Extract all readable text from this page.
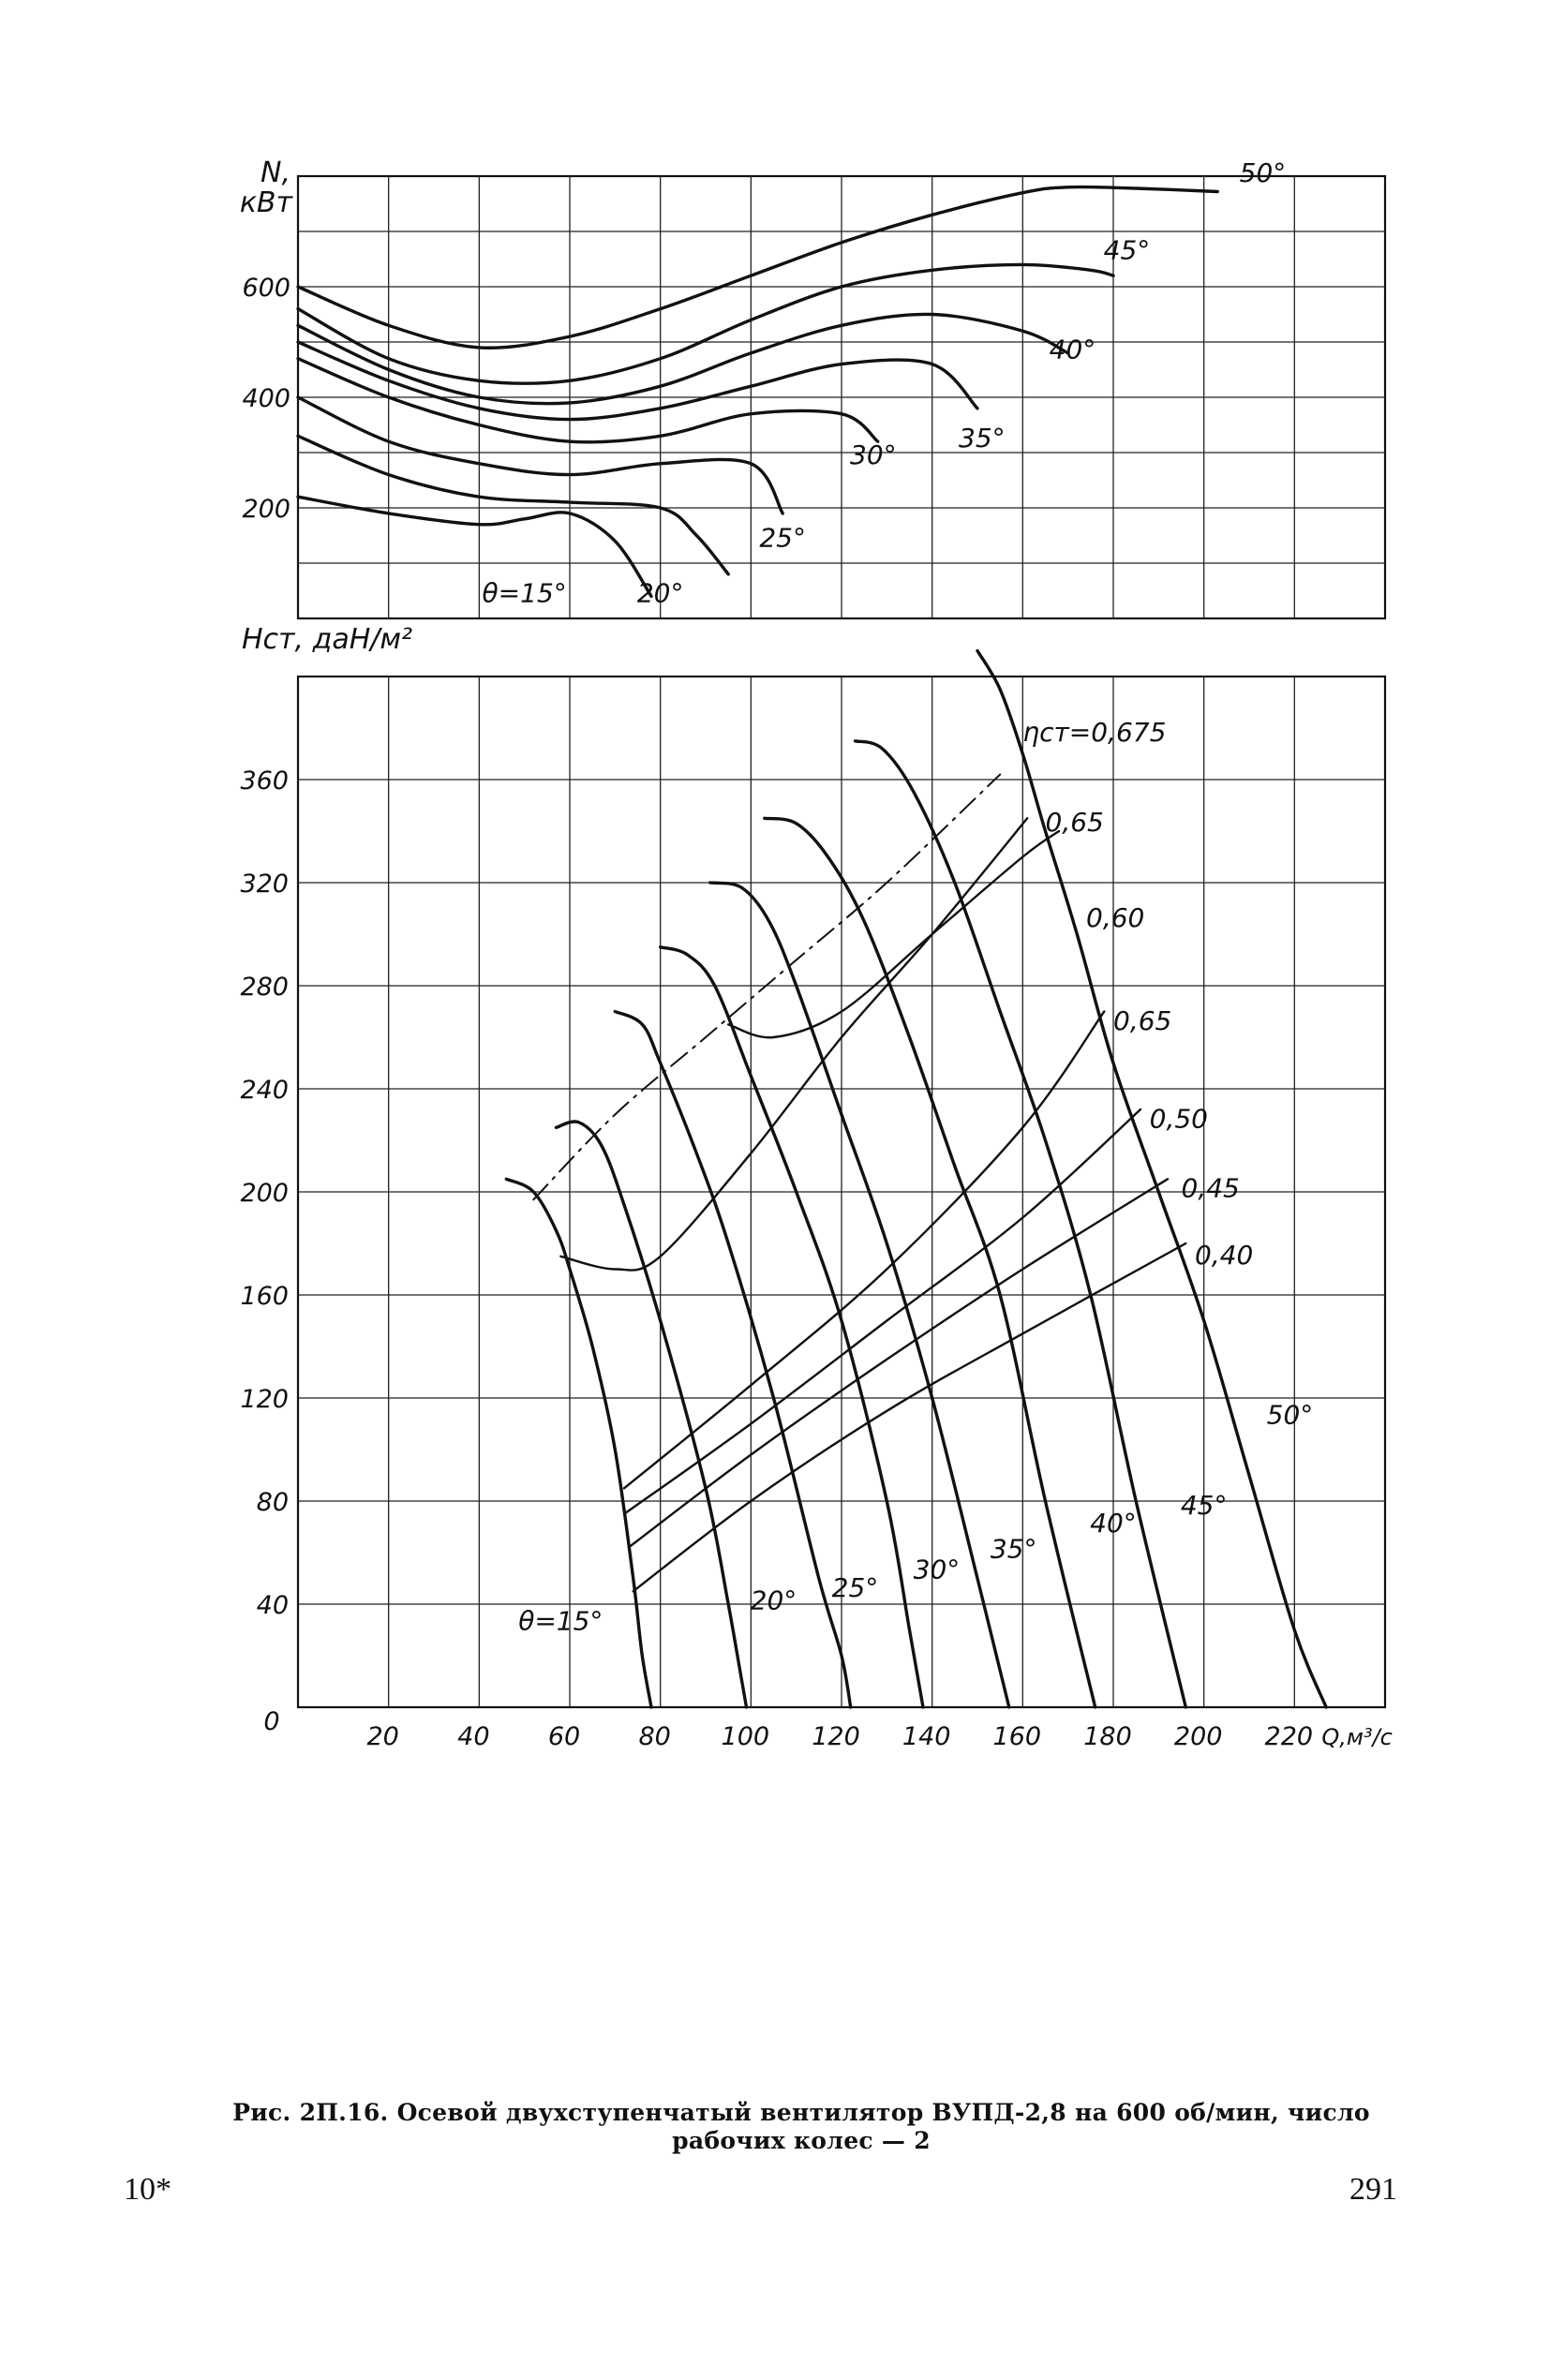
200
400
600
N,
кВт
50°
45°
40°
35°
30°
25°
20°
θ=15°
40
80
120
160
200
240
280
320
360
20 40 60 80 100 120 140 160 180 200 220
0
Q,м³/с
Hст, даН/м²
ηст=0,675
0,65
0,60
0,65
0,50
0,45
0,40
θ=15°
20° 25°
30°
35°
40°
45°
50°
Рис. 2П.16. Осевой двухступенчатый вентилятор ВУПД-2,8 на 600 об/мин, число
рабочих колес — 2
10*	291
